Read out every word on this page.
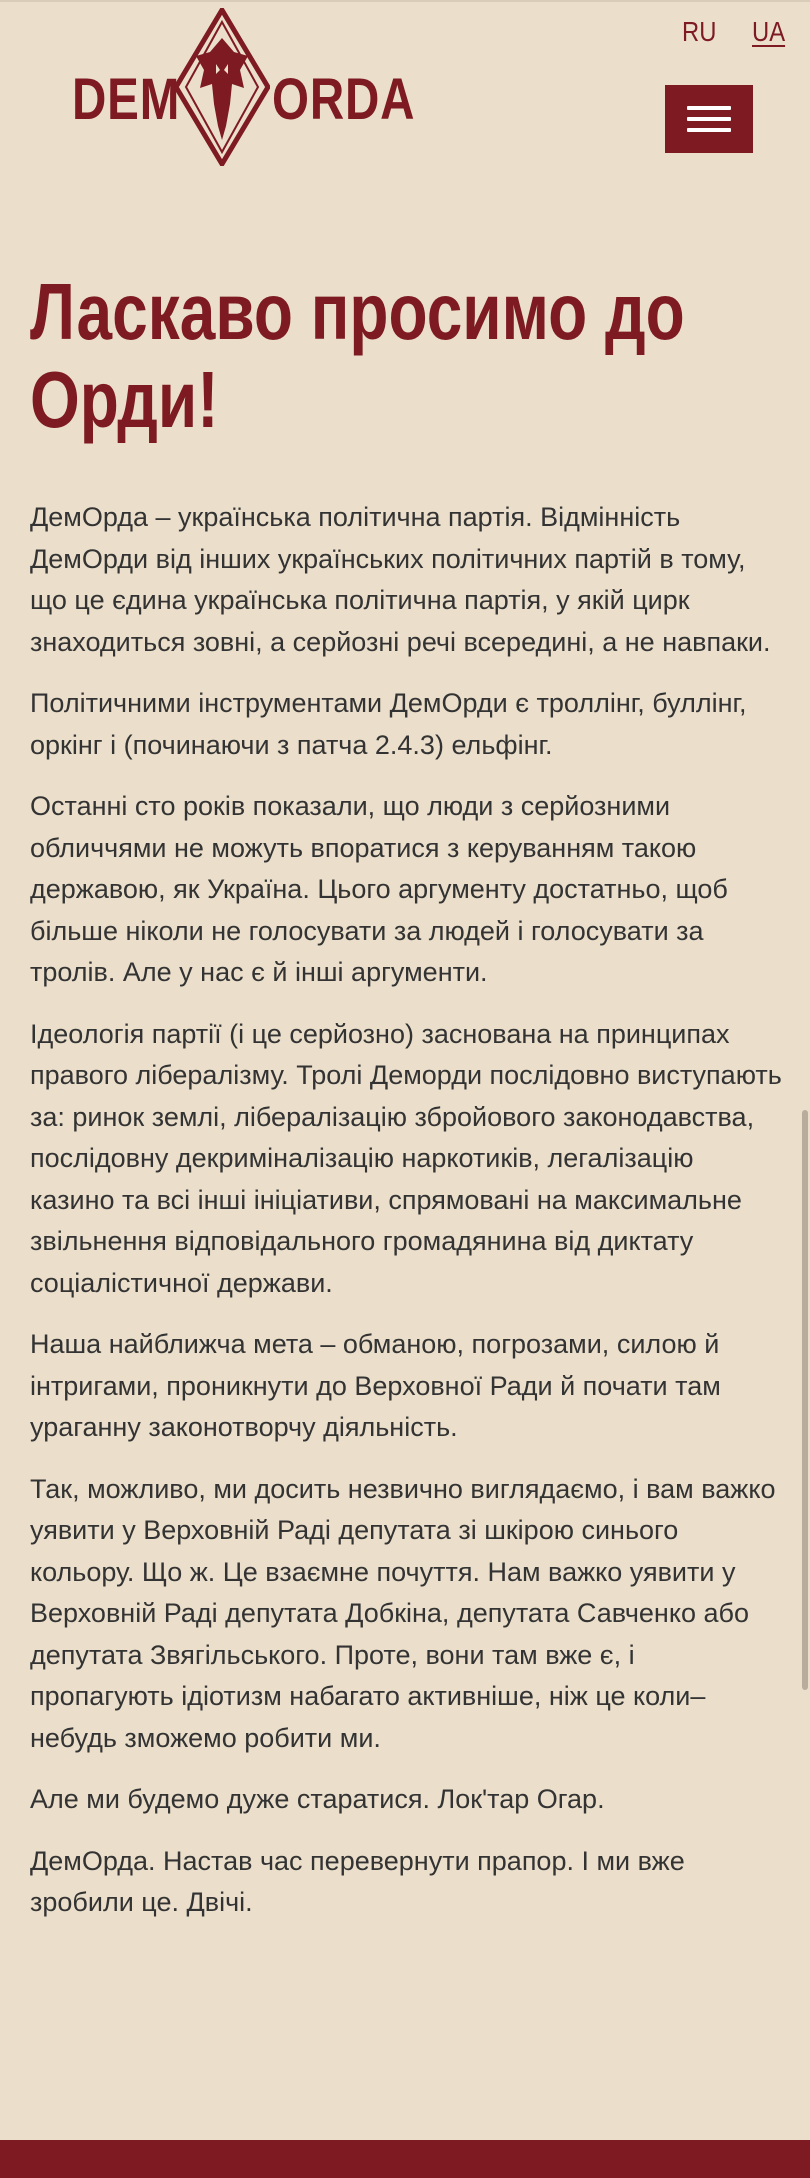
DEM ORDA
RU UA
Ласкаво просимо до
Орди!

ДемОрда – українська політична партія. Відмінність ДемОрди від інших українських політичних партій в тому, що це єдина українська політична партія, у якій цирк знаходиться зовні, а серйозні речі всередині, а не навпаки.

Політичними інструментами ДемОрди є троллінг, буллінг, оркінг і (починаючи з патча 2.4.3) ельфінг.

Останні сто років показали, що люди з серйозними обличчями не можуть впоратися з керуванням такою державою, як Україна. Цього аргументу достатньо, щоб більше ніколи не голосувати за людей і голосувати за тролів. Але у нас є й інші аргументи.

Ідеологія партії (і це серйозно) заснована на принципах правого лібералізму. Тролі Деморди послідовно виступають за: ринок землі, лібералізацію збройового законодавства, послідовну декриміналізацію наркотиків, легалізацію казино та всі інші ініціативи, спрямовані на максимальне звільнення відповідального громадянина від диктату соціалістичної держави.

Наша найближча мета – обманою, погрозами, силою й інтригами, проникнути до Верховної Ради й почати там ураганну законотворчу діяльність.

Так, можливо, ми досить незвично виглядаємо, і вам важко уявити у Верховній Раді депутата зі шкірою синього кольору. Що ж. Це взаємне почуття. Нам важко уявити у Верховній Раді депутата Добкіна, депутата Савченко або депутата Звягільського. Проте, вони там вже є, і пропагують ідіотизм набагато активніше, ніж це коли–небудь зможемо робити ми.

Але ми будемо дуже старатися. Лок'тар Огар.

ДемОрда. Настав час перевернути прапор. І ми вже зробили це. Двічі.
